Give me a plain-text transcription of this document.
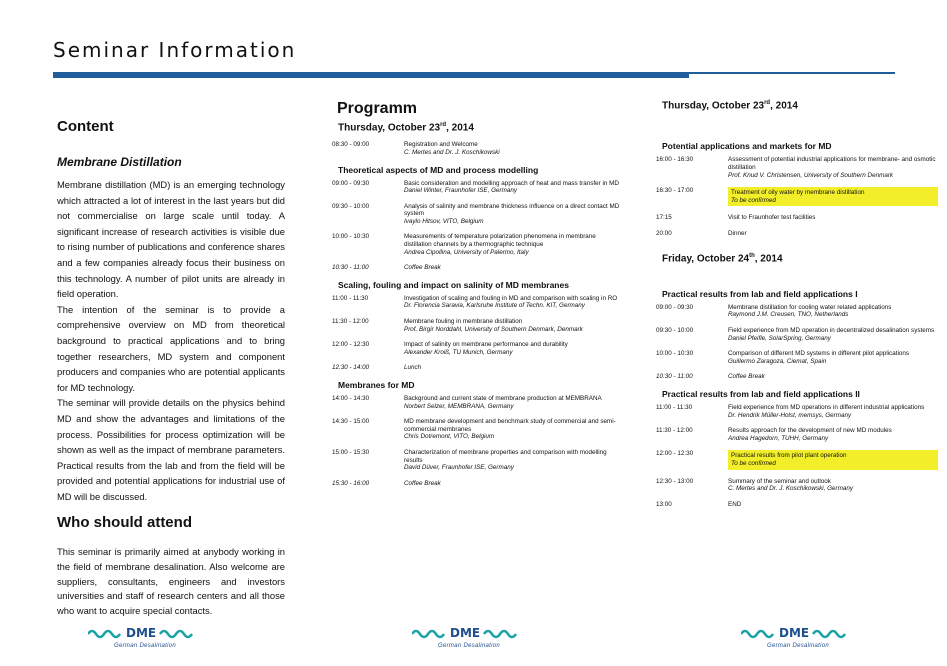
Seminar Information
Content
Membrane Distillation

Membrane distillation (MD) is an emerging technology which attracted a lot of interest in the last years but did not commercialise on large scale until today. A significant increase of research activities is visible due to rising number of publications and conference shares and a few companies already focus their business on this technology. A number of pilot units are already in field operation.

The intention of the seminar is to provide a comprehensive overview on MD from theoretical background to practical applications and to bring together researchers, MD system and component producers and companies who are potential applicants for MD technology.

The seminar will provide details on the physics behind MD and show the advantages and limitations of the process. Possibilities for process optimization will be shown as well as the impact of membrane parameters. Practical results from the lab and from the field will be provided and potential applications for industrial use of MD will be discussed.

Who should attend

This seminar is primarily aimed at anybody working in the field of membrane desalination. Also welcome are suppliers, consultants, engineers and investors universities and staff of research centers and all those who want to acquire special contacts.

Programm
Thursday, October 23rd, 2014
08:30 - 09:00	Registration and Welcome
C. Mertes and Dr. J. Koschikowski
Theoretical aspects of MD and process modelling
09:00 - 09:30	Basic consideration and modelling approach of heat and mass transfer in MD
Daniel Winter, Fraunhofer ISE, Germany
09:30 - 10:00	Analysis of salinity and membrane thickness influence on a direct contact MD system
Ivaylo Hitsov, VITO, Belgium
10:00 - 10:30	Measurements of temperature polarization phenomena in membrane distillation channels by a thermographic technique
Andrea Cipollina, University of Palermo, Italy
10:30 - 11:00	Coffee Break
Scaling, fouling and impact on salinity of MD membranes
11:00 - 11:30	Investigation of scaling and fouling in MD and comparison with scaling in RO
Dr. Florencia Saravia, Karlsruhe Institute of Techn. KIT, Germany
11:30 - 12:00	Membrane fouling in membrane distillation
Prof. Birgir Norddahl, University of Southern Denmark, Denmark
12:00 - 12:30	Impact of salinity on membrane performance and durability
Alexander Kroiß, TU Munich, Germany
12:30 - 14:00	Lunch
Membranes for MD
14:00 - 14:30	Background and current state of membrane production at MEMBRANA
Norbert Selzer, MEMBRANA, Germany
14:30 - 15:00	MD membrane development and benchmark study of commercial and semi-commercial membranes
Chris Dotremont, VITO, Belgium
15:00 - 15:30	Characterization of membrane properties and comparison with modelling results
David Düver, Fraunhofer ISE, Germany
15:30 - 16:00	Coffee Break
Thursday, October 23rd, 2014
Potential applications and markets for MD
16:00 - 16:30	Assessment of potential industrial applications for membrane- and osmotic distillation
Prof. Knud V. Christensen, University of Southern Denmark
16:30 - 17:00	Treatment of oily water by membrane distillation
To be confirmed
17:15	Visit to Fraunhofer test facilities
20:00	Dinner
Friday, October 24th, 2014
Practical results from lab and field applications I
09:00 - 09:30	Membrane distillation for cooling water related applications
Raymond J.M. Creusen, TNO, Netherlands
09:30 - 10:00	Field experience from MD operation in decentralized desalination systems
Daniel Pfeifle, SolarSpring, Germany
10:00 - 10:30	Comparison of different MD systems in different pilot applications
Guillermo Zaragoza, Ciemat, Spain
10:30 - 11:00	Coffee Break
Practical results from lab and field applications II
11:00 - 11:30	Field experience from MD operations in different industrial applications
Dr. Hendrik Müller-Holst, memsys, Germany
11:30 - 12:00	Results approach for the development of new MD modules
Andrea Hagedorn, TUHH, Germany
12:00 - 12:30	Practical results from pilot plant operation
To be confirmed
12:30 - 13:00	Summary of the seminar and outlook
C. Mertes and Dr. J. Koschikowski, Germany
13:00	END
DME
German Desalination
DME
German Desalination
DME
German Desalination
